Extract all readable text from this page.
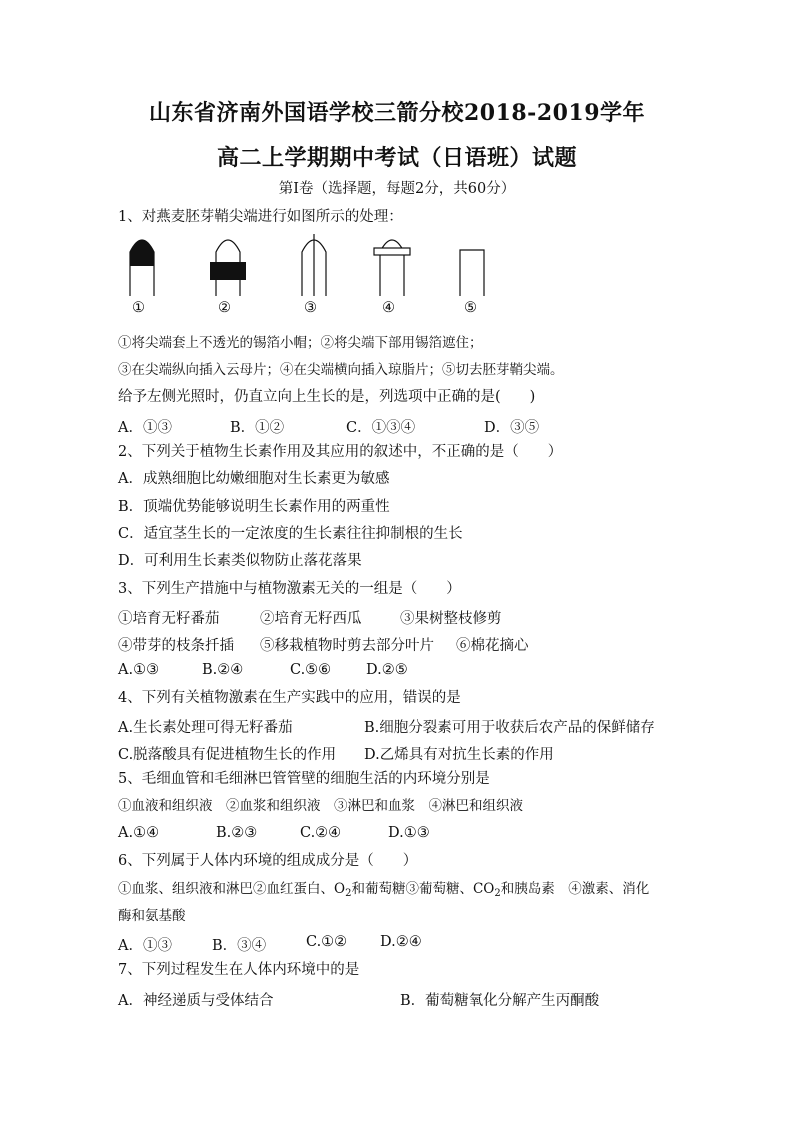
山东省济南外国语学校三箭分校2018-2019学年
高二上学期期中考试（日语班）试题
第Ⅰ卷（选择题，每题2分，共60分）
1、对燕麦胚芽鞘尖端进行如图所示的处理：

①

	②

	③

	④

	⑤

①将尖端套上不透光的锡箔小帽；②将尖端下部用锡箔遮住；
③在尖端纵向插入云母片；④在尖端横向插入琼脂片；⑤切去胚芽鞘尖端。
给予左侧光照时，仍直立向上生长的是，列选项中正确的是(　　)

A．①③

	B．①②

	C．①③④

	D．③⑤

2、下列关于植物生长素作用及其应用的叙述中，不正确的是（　　）
A．成熟细胞比幼嫩细胞对生长素更为敏感
B．顶端优势能够说明生长素作用的两重性
C．适宜茎生长的一定浓度的生长素往往抑制根的生长
D．可利用生长素类似物防止落花落果
3、下列生产措施中与植物激素无关的一组是（　　）

①培育无籽番茄

	②培育无籽西瓜

	③果树整枝修剪

④带芽的枝条扦插

⑤移栽植物时剪去部分叶片

⑥棉花摘心

A.①③

	B.②④

	C.⑤⑥

D.②⑤

4、下列有关植物激素在生产实践中的应用，错误的是

A.生长素处理可得无籽番茄

	B.细胞分裂素可用于收获后农产品的保鲜储存

C.脱落酸具有促进植物生长的作用

D.乙烯具有对抗生长素的作用

5、毛细血管和毛细淋巴管管壁的细胞生活的内环境分别是
①血液和组织液　②血浆和组织液　③淋巴和血浆　④淋巴和组织液

A.①④

	B.②③

	C.②④

	D.①③

6、下列属于人体内环境的组成成分是（　　）
①血浆、组织液和淋巴②血红蛋白、$O_2$和葡萄糖③葡萄糖、$CO_2$和胰岛素　④激素、消化
酶和氨基酸

A．①③

	B．③④

	C.①②

D.②④

7、下列过程发生在人体内环境中的是

A．神经递质与受体结合

	B．葡萄糖氧化分解产生丙酮酸
